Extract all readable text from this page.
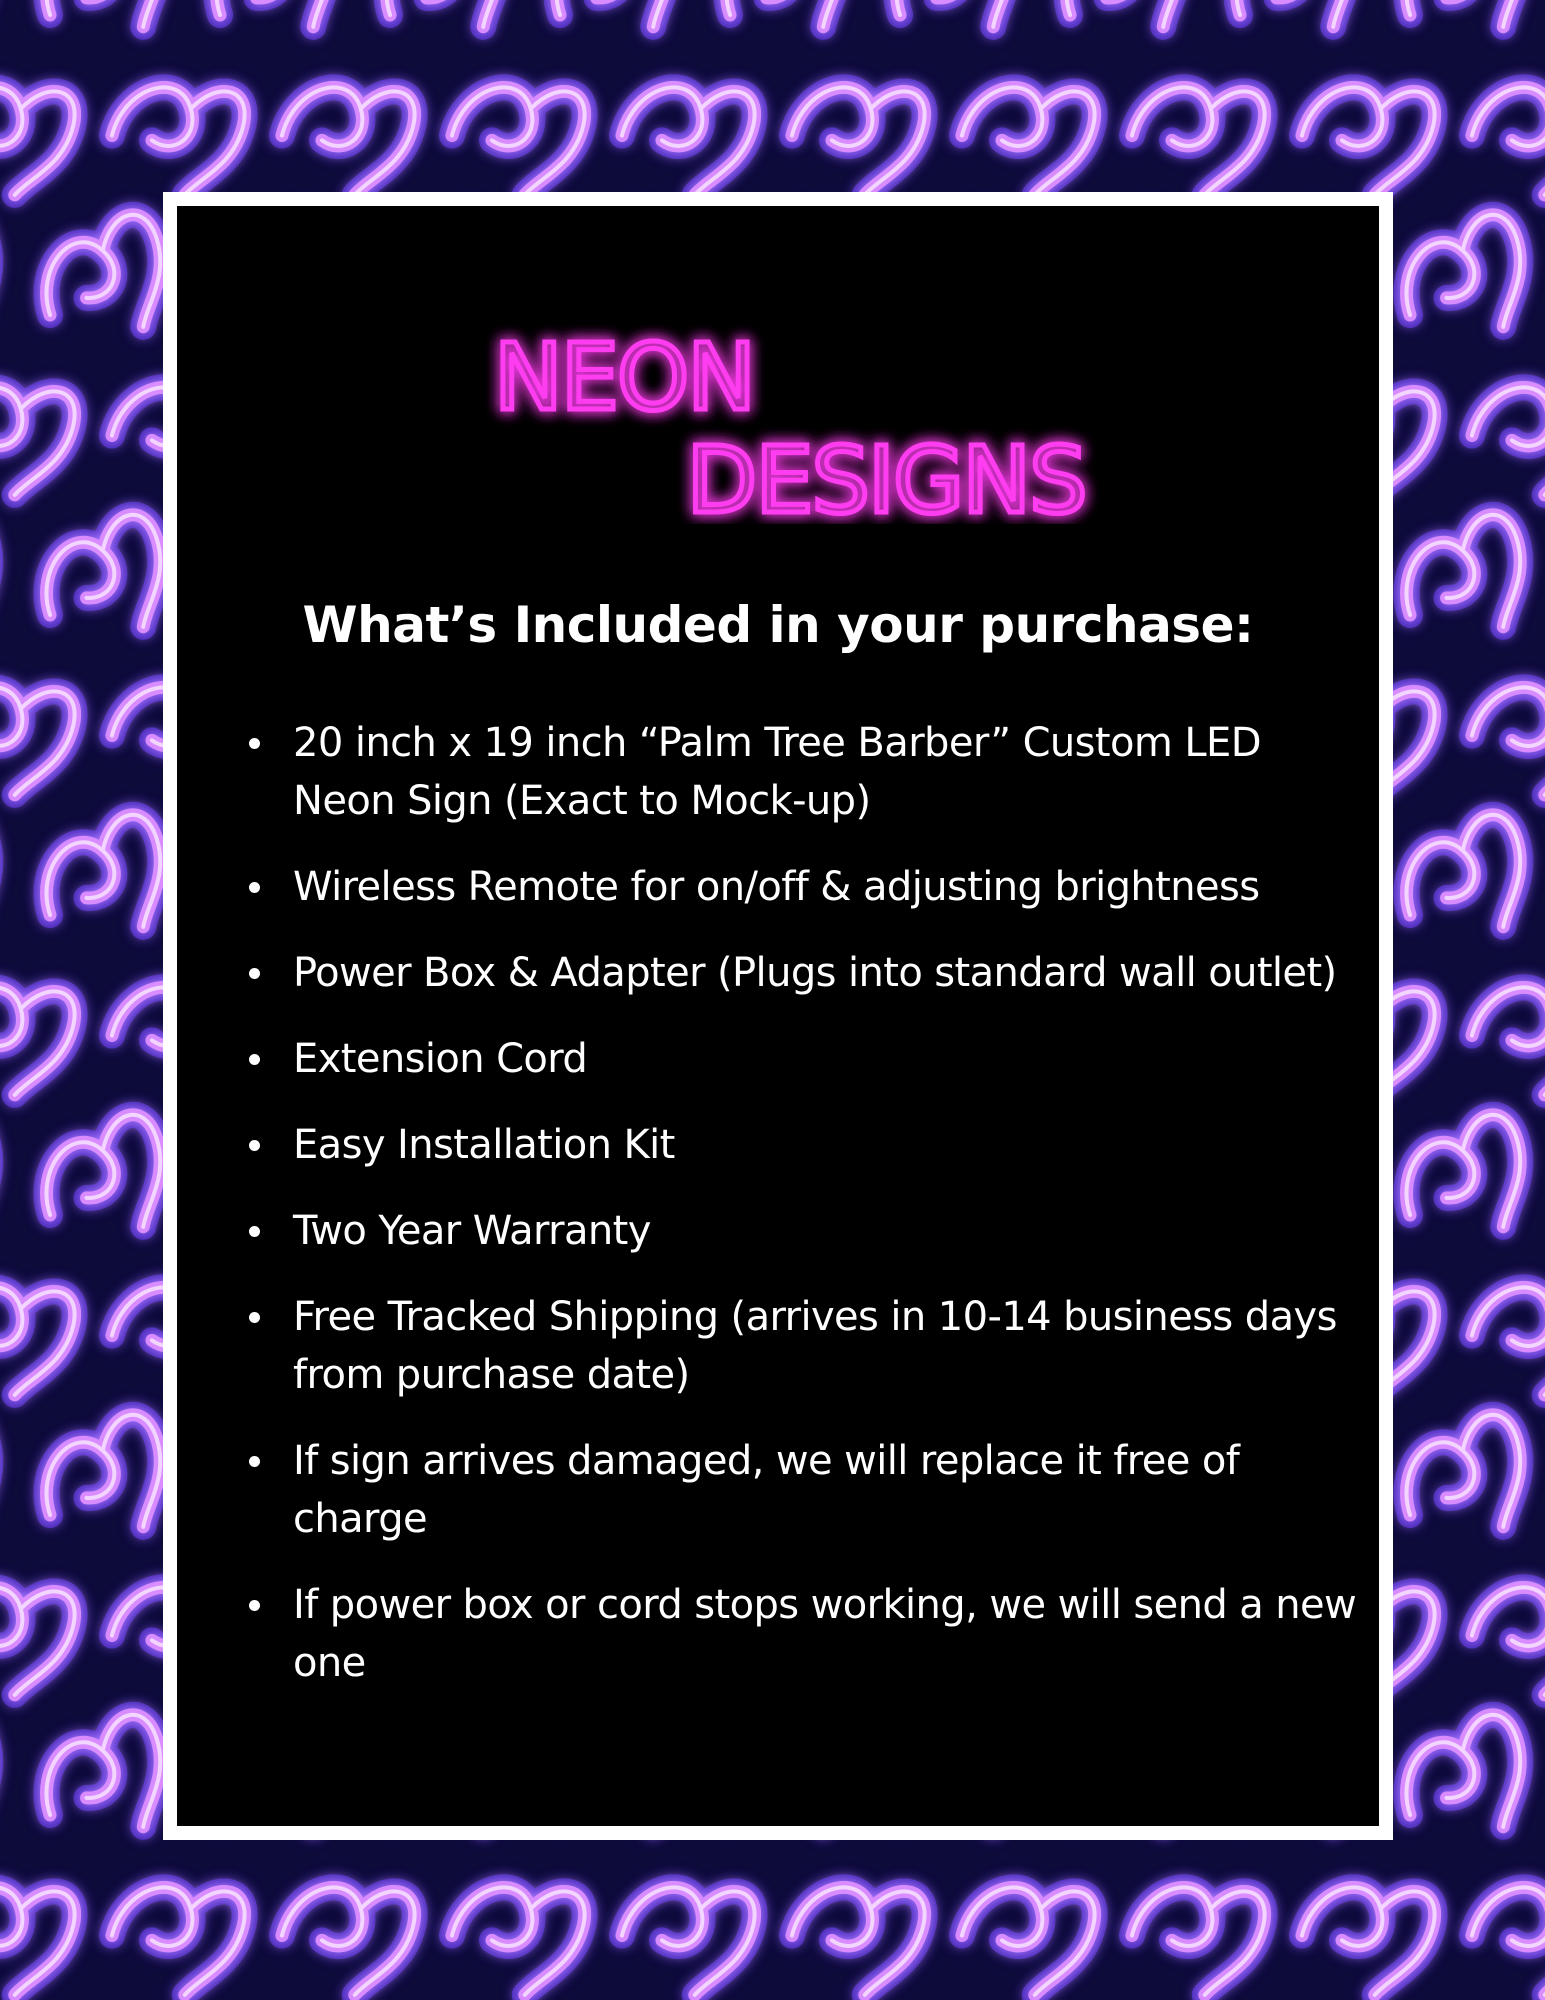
NEON
DESIGNS
What’s Included in your purchase:
20 inch x 19 inch “Palm Tree Barber” Custom LED Neon Sign (Exact to Mock-up)
Wireless Remote for on/off & adjusting brightness
Power Box & Adapter (Plugs into standard wall outlet)
Extension Cord
Easy Installation Kit
Two Year Warranty
Free Tracked Shipping (arrives in 10-14 business days from purchase date)
If sign arrives damaged, we will replace it free of charge
If power box or cord stops working, we will send a new one
